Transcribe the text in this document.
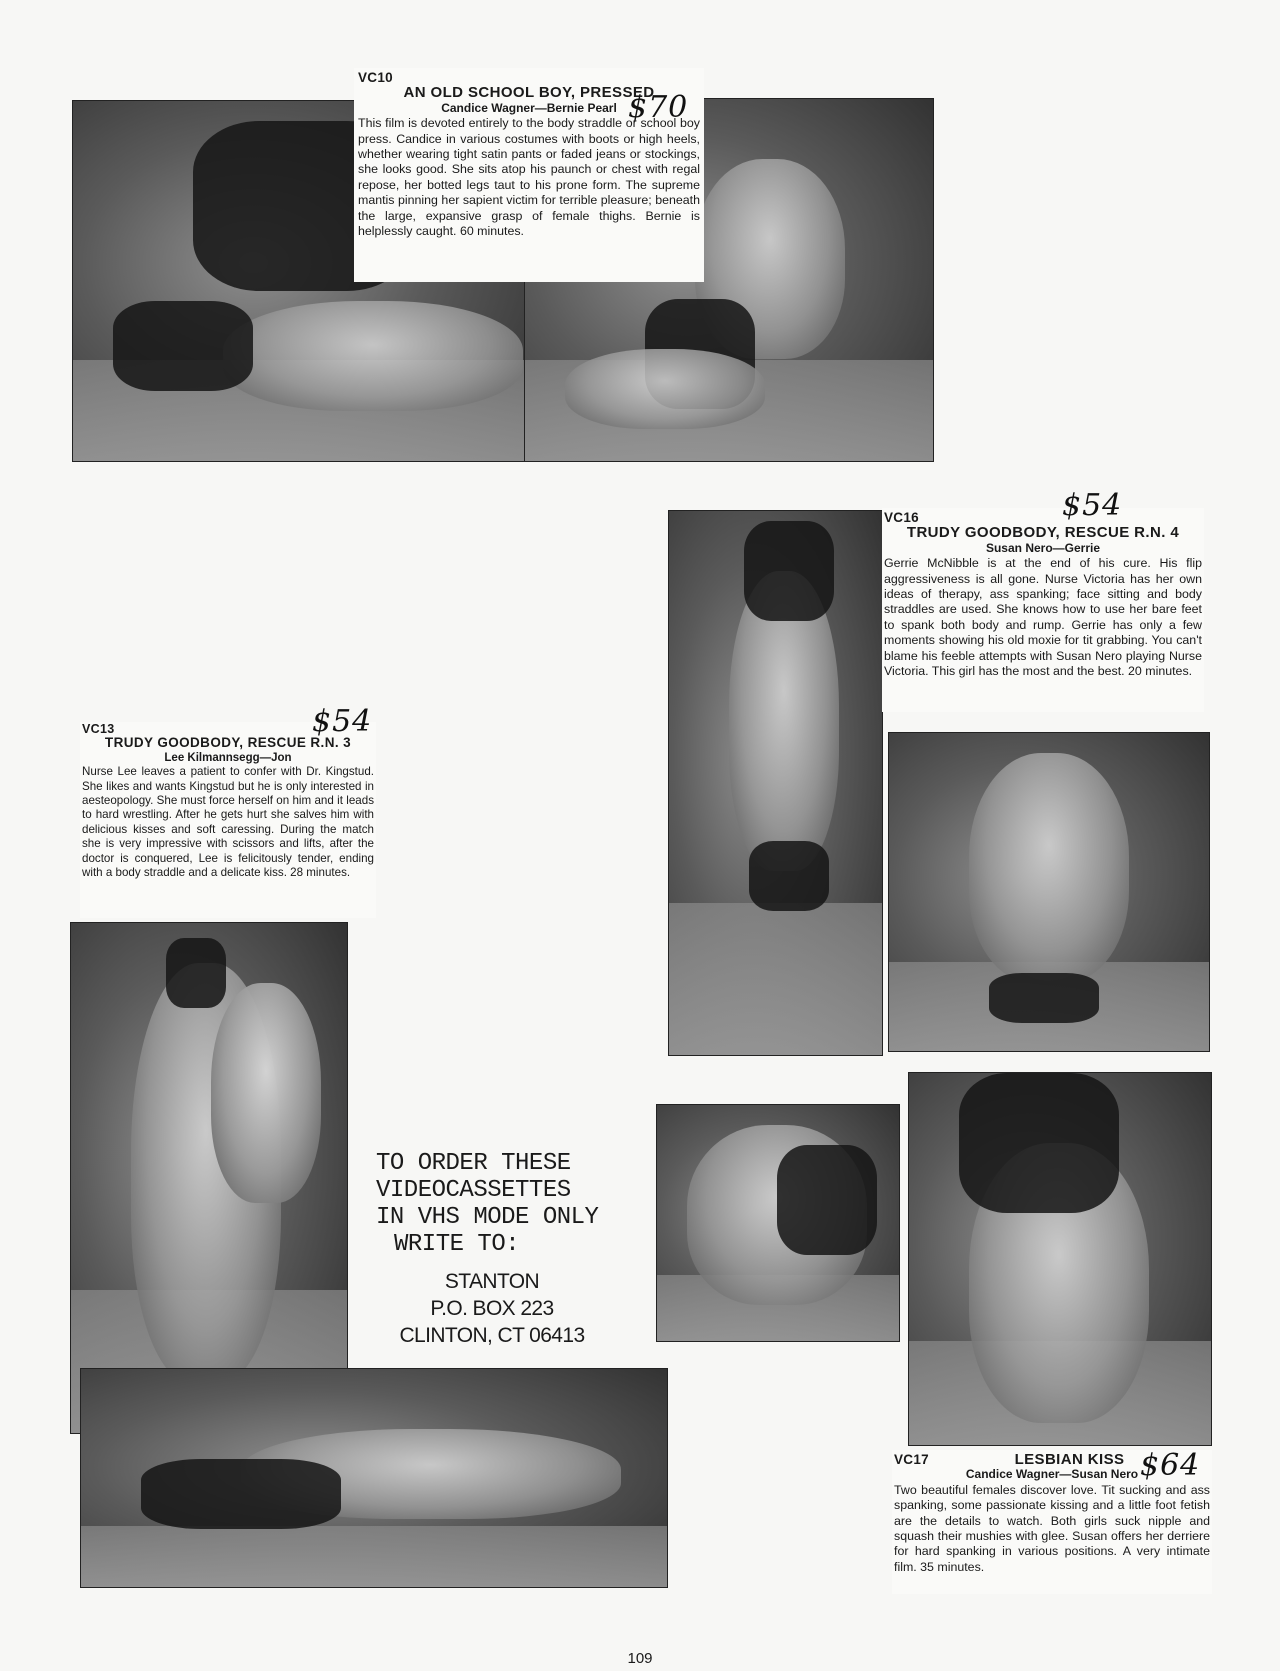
VC10
AN OLD SCHOOL BOY, PRESSED
Candice Wagner—Bernie Pearl
This film is devoted entirely to the body straddle or school boy press. Candice in various costumes with boots or high heels, whether wearing tight satin pants or faded jeans or stockings, she looks good. She sits atop his paunch or chest with regal repose, her botted legs taut to his prone form. The supreme mantis pinning her sapient victim for terrible pleasure; beneath the large, expansive grasp of female thighs. Bernie is helplessly caught. 60 minutes.
$70
VC16
TRUDY GOODBODY, RESCUE R.N. 4
Susan Nero—Gerrie
Gerrie McNibble is at the end of his cure. His flip aggressiveness is all gone. Nurse Victoria has her own ideas of therapy, ass spanking; face sitting and body straddles are used. She knows how to use her bare feet to spank both body and rump. Gerrie has only a few moments showing his old moxie for tit grabbing. You can't blame his feeble attempts with Susan Nero playing Nurse Victoria. This girl has the most and the best. 20 minutes.
$54
VC13
TRUDY GOODBODY, RESCUE R.N. 3
Lee Kilmannsegg—Jon
Nurse Lee leaves a patient to confer with Dr. Kingstud. She likes and wants Kingstud but he is only interested in aesteopology. She must force herself on him and it leads to hard wrestling. After he gets hurt she salves him with delicious kisses and soft caressing. During the match she is very impressive with scissors and lifts, after the doctor is conquered, Lee is felicitously tender, ending with a body straddle and a delicate kiss. 28 minutes.
$54
VC17	LESBIAN KISS
Candice Wagner—Susan Nero
Two beautiful females discover love. Tit sucking and ass spanking, some passionate kissing and a little foot fetish are the details to watch. Both girls suck nipple and squash their mushies with glee. Susan offers her derriere for hard spanking in various positions. A very intimate film. 35 minutes.
$64

TO ORDER THESE

VIDEOCASSETTES

IN VHS MODE ONLY

WRITE TO:

STANTON

P.O. BOX 223

CLINTON, CT 06413

109
